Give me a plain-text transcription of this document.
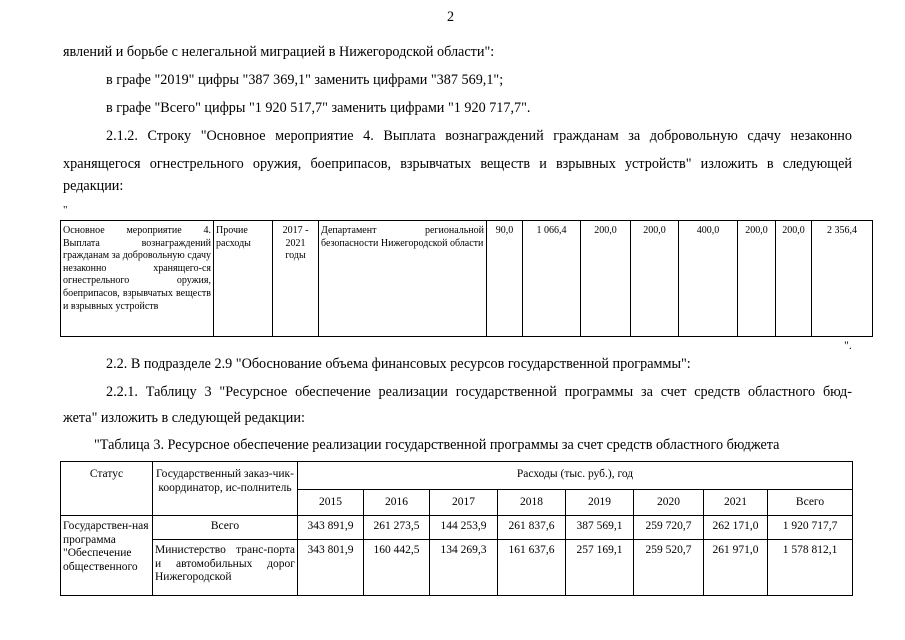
2
явлений и борьбе с нелегальной миграцией в Нижегородской области":
в графе "2019" цифры "387 369,1" заменить цифрами "387 569,1";
в графе "Всего" цифры "1 920 517,7" заменить цифрами "1 920 717,7".
2.1.2. Строку "Основное мероприятие 4. Выплата вознаграждений гражданам за добровольную сдачу незаконно
хранящегося огнестрельного оружия, боеприпасов, взрывчатых веществ и взрывных устройств" изложить в следующей
редакции:
"
Основное мероприятие 4. Выплата вознаграждений гражданам за добровольную сдачу незаконно хранящего-ся огнестрельного оружия, боеприпасов, взрывчатых веществ и взрывных устройств	Прочие расходы	2017 - 2021 годы	Департамент региональной безопасности Нижегородской области	90,0	1 066,4	200,0	200,0	400,0	200,0	200,0	2 356,4
".
2.2. В подразделе 2.9 "Обоснование объема финансовых ресурсов государственной программы":
2.2.1. Таблицу 3 "Ресурсное обеспечение реализации государственной программы за счет средств областного бюд-
жета" изложить в следующей редакции:
"Таблица 3. Ресурсное обеспечение реализации государственной программы за счет средств областного бюджета
Статус	Государственный заказ-чик-координатор, ис-полнитель	Расходы (тыс. руб.), год							
		2015	2016	2017	2018	2019	2020	2021	Всего
Государствен-ная программа "Обеспечение общественного	Всего	343 891,9	261 273,5	144 253,9	261 837,6	387 569,1	259 720,7	262 171,0	1 920 717,7
	Министерство транс-порта и автомобильных дорог Нижегородской	343 801,9	160 442,5	134 269,3	161 637,6	257 169,1	259 520,7	261 971,0	1 578 812,1
